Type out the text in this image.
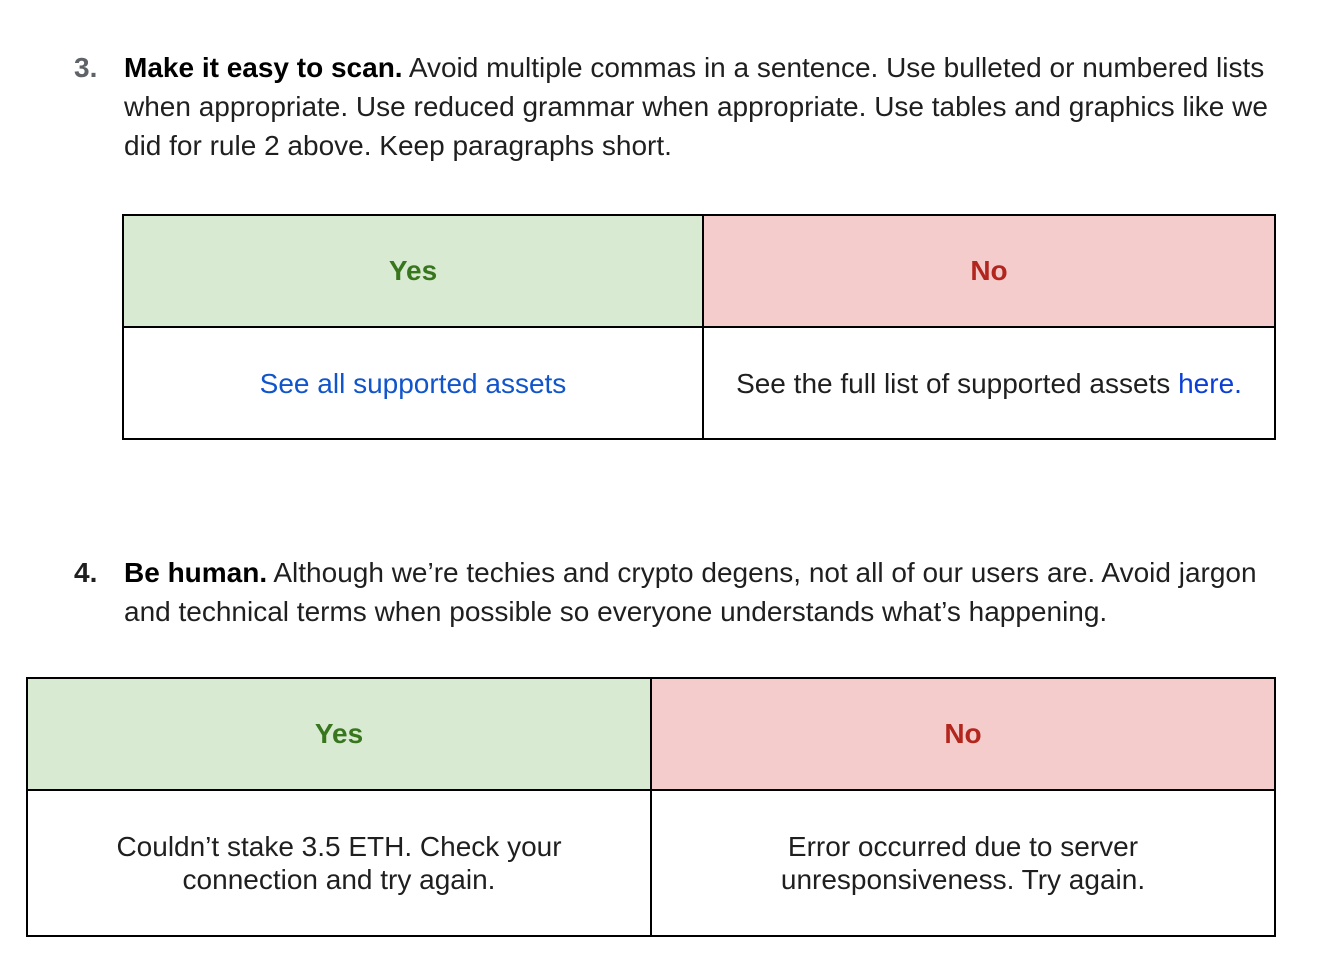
3. Make it easy to scan. Avoid multiple commas in a sentence. Use bulleted or numbered lists when appropriate. Use reduced grammar when appropriate. Use tables and graphics like we did for rule 2 above. Keep paragraphs short.
Yes	No
See all supported assets	See the full list of supported assets here.
4. Be human. Although we’re techies and crypto degens, not all of our users are. Avoid jargon and technical terms when possible so everyone understands what’s happening.
Yes	No
Couldn’t stake 3.5 ETH. Check your connection and try again.	Error occurred due to server unresponsiveness. Try again.
